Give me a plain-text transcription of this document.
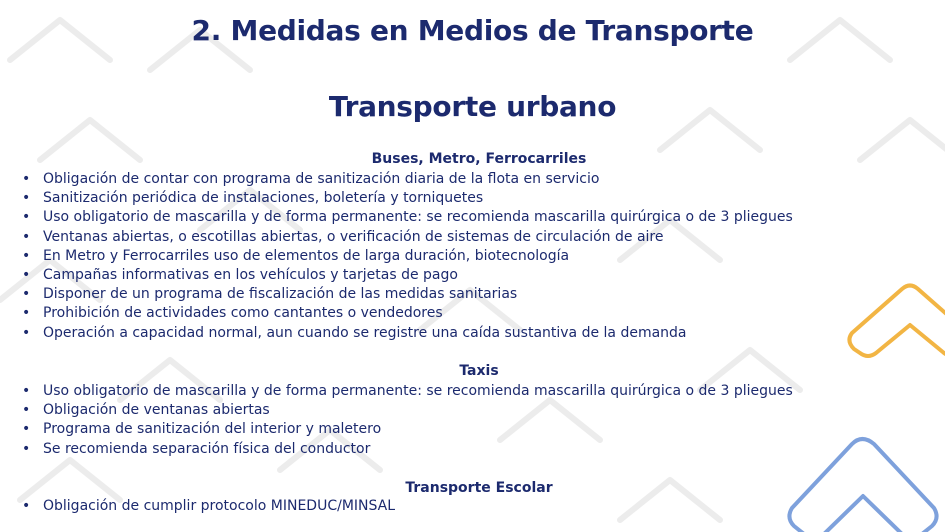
2. Medidas en Medios de Transporte
Transporte urbano

Buses, Metro, Ferrocarriles

• Obligación de contar con programa de sanitización diaria de la flota en servicio
• Sanitización periódica de instalaciones, boletería y torniquetes
• Uso obligatorio de mascarilla y de forma permanente: se recomienda mascarilla quirúrgica o de 3 pliegues
• Ventanas abiertas, o escotillas abiertas, o verificación de sistemas de circulación de aire
• En Metro y Ferrocarriles uso de elementos de larga duración, biotecnología
• Campañas informativas en los vehículos y tarjetas de pago
• Disponer de un programa de fiscalización de las medidas sanitarias
• Prohibición de actividades como cantantes o vendedores
• Operación a capacidad normal, aun cuando se registre una caída sustantiva de la demanda

Taxis

• Uso obligatorio de mascarilla y de forma permanente: se recomienda mascarilla quirúrgica o de 3 pliegues
• Obligación de ventanas abiertas
• Programa de sanitización del interior y maletero
• Se recomienda separación física del conductor

Transporte Escolar

• Obligación de cumplir protocolo MINEDUC/MINSAL
